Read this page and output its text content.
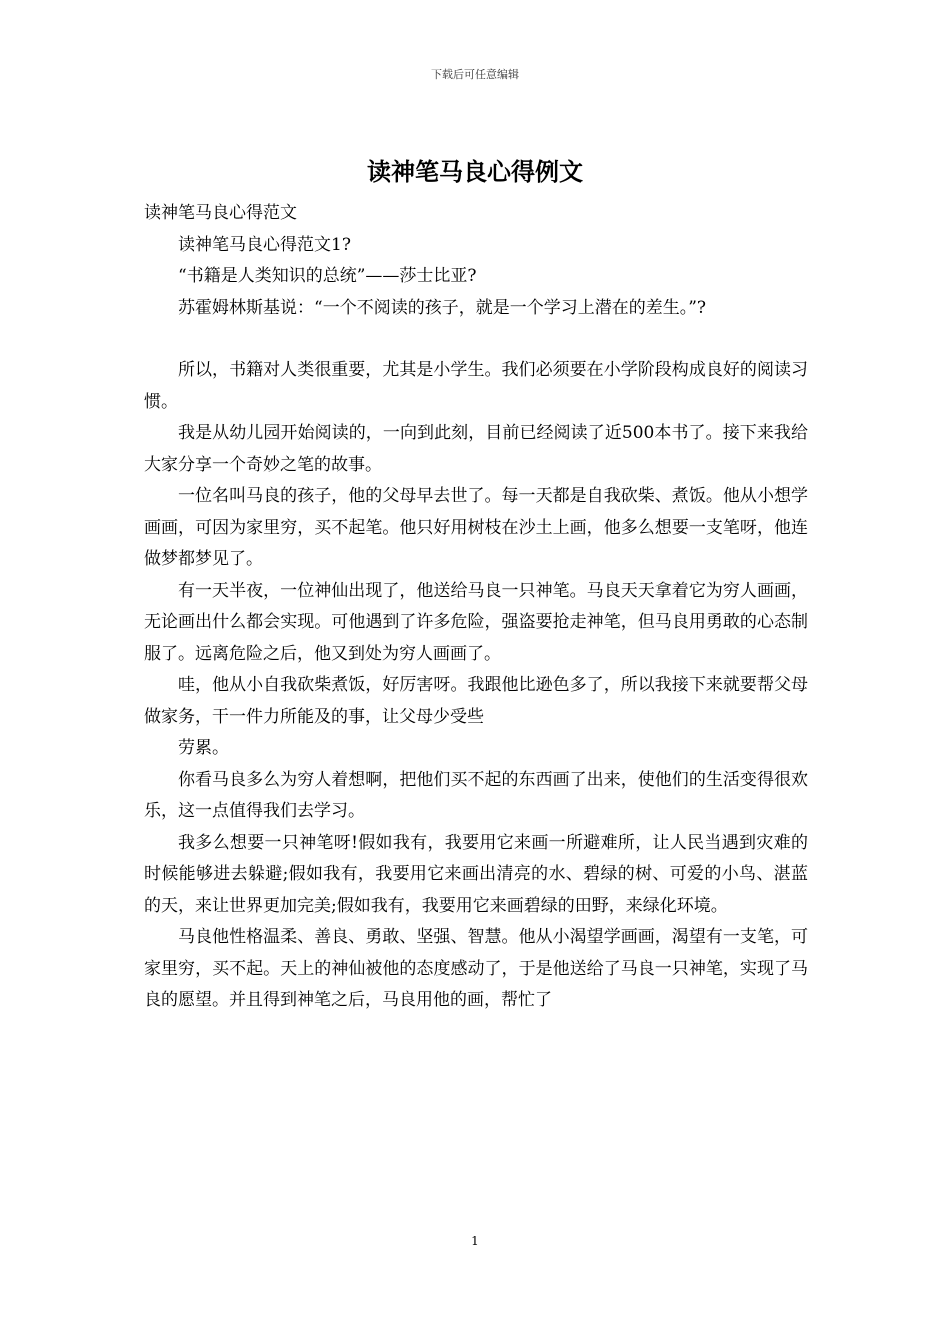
下载后可任意编辑
读神笔马良心得例文

读神笔马良心得范文

读神笔马良心得范文1?

“书籍是人类知识的总统”——莎士比亚?

苏霍姆林斯基说：“一个不阅读的孩子，就是一个学习上潜在的差生。”?

所以，书籍对人类很重要，尤其是小学生。我们必须要在小学阶段构成良好的阅读习惯。

我是从幼儿园开始阅读的，一向到此刻，目前已经阅读了近500本书了。接下来我给大家分享一个奇妙之笔的故事。

一位名叫马良的孩子，他的父母早去世了。每一天都是自我砍柴、煮饭。他从小想学画画，可因为家里穷，买不起笔。他只好用树枝在沙土上画，他多么想要一支笔呀，他连做梦都梦见了。

有一天半夜，一位神仙出现了，他送给马良一只神笔。马良天天拿着它为穷人画画，无论画出什么都会实现。可他遇到了许多危险，强盗要抢走神笔，但马良用勇敢的心态制服了。远离危险之后，他又到处为穷人画画了。

哇，他从小自我砍柴煮饭，好厉害呀。我跟他比逊色多了，所以我接下来就要帮父母做家务，干一件力所能及的事，让父母少受些

劳累。

你看马良多么为穷人着想啊，把他们买不起的东西画了出来，使他们的生活变得很欢乐，这一点值得我们去学习。

我多么想要一只神笔呀!假如我有，我要用它来画一所避难所，让人民当遇到灾难的时候能够进去躲避;假如我有，我要用它来画出清亮的水、碧绿的树、可爱的小鸟、湛蓝的天，来让世界更加完美;假如我有，我要用它来画碧绿的田野，来绿化环境。

马良他性格温柔、善良、勇敢、坚强、智慧。他从小渴望学画画，渴望有一支笔，可家里穷，买不起。天上的神仙被他的态度感动了，于是他送给了马良一只神笔，实现了马良的愿望。并且得到神笔之后，马良用他的画，帮忙了

1
